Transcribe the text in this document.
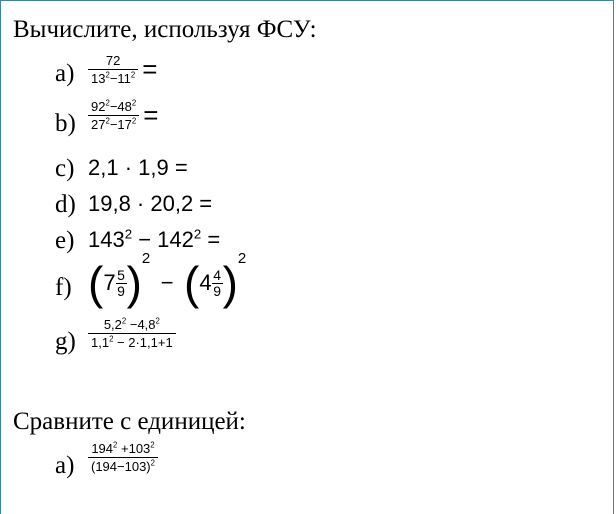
Вычислите, используя ФСУ:
$a) \frac{72}{13^2-11^2}$ =
$b) \frac{92^2-48^2}{27^2-17^2}$ =
c) 2,1 · 1,9 =
d) 19,8 · 20,2 =
e) $143^2 - 142^2$ =
f) $(7 \frac{5}{9} )2 - (4 \frac{4}{9} )2$
$g) \frac{5,2^2 -4,8^2}{1,1^2 - 2\cdot 1,1+1}$
Сравните с единицей:
$a) \frac{194^2 +103^2}{(194-103)^2}$
